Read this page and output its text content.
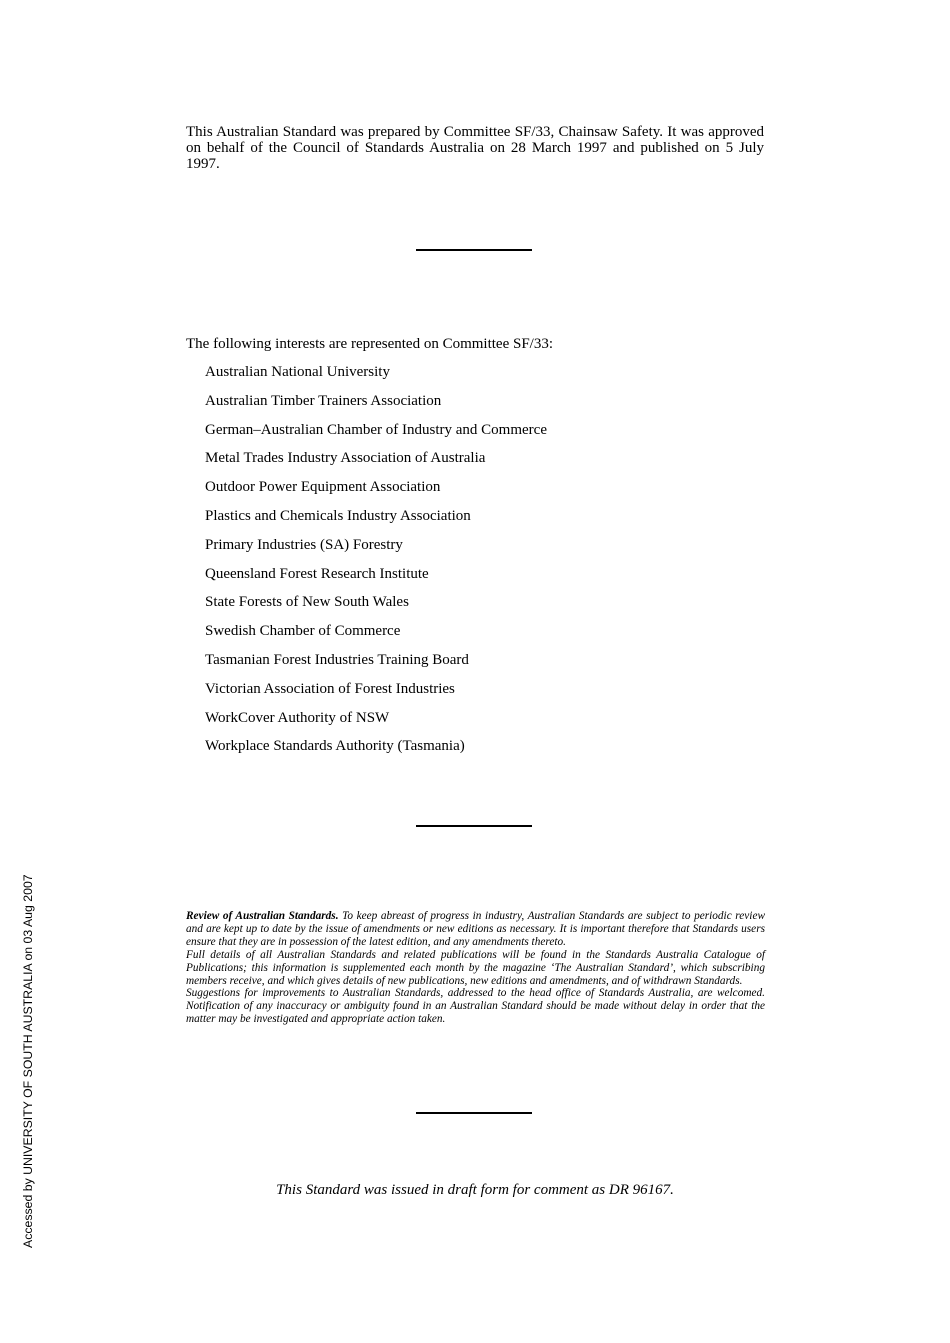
This Australian Standard was prepared by Committee SF/33, Chainsaw Safety. It was approved on behalf of the Council of Standards Australia on 28 March 1997 and published on 5 July 1997.
The following interests are represented on Committee SF/33:
Australian National University
Australian Timber Trainers Association
German–Australian Chamber of Industry and Commerce
Metal Trades Industry Association of Australia
Outdoor Power Equipment Association
Plastics and Chemicals Industry Association
Primary Industries (SA) Forestry
Queensland Forest Research Institute
State Forests of New South Wales
Swedish Chamber of Commerce
Tasmanian Forest Industries Training Board
Victorian Association of Forest Industries
WorkCover Authority of NSW
Workplace Standards Authority (Tasmania)

Review of Australian Standards. To keep abreast of progress in industry, Australian Standards are subject to periodic review and are kept up to date by the issue of amendments or new editions as necessary. It is important therefore that Standards users ensure that they are in possession of the latest edition, and any amendments thereto.

Full details of all Australian Standards and related publications will be found in the Standards Australia Catalogue of Publications; this information is supplemented each month by the magazine ‘The Australian Standard’, which subscribing members receive, and which gives details of new publications, new editions and amendments, and of withdrawn Standards.

Suggestions for improvements to Australian Standards, addressed to the head office of Standards Australia, are welcomed. Notification of any inaccuracy or ambiguity found in an Australian Standard should be made without delay in order that the matter may be investigated and appropriate action taken.

This Standard was issued in draft form for comment as DR 96167.
Accessed by UNIVERSITY OF SOUTH AUSTRALIA on 03 Aug 2007
